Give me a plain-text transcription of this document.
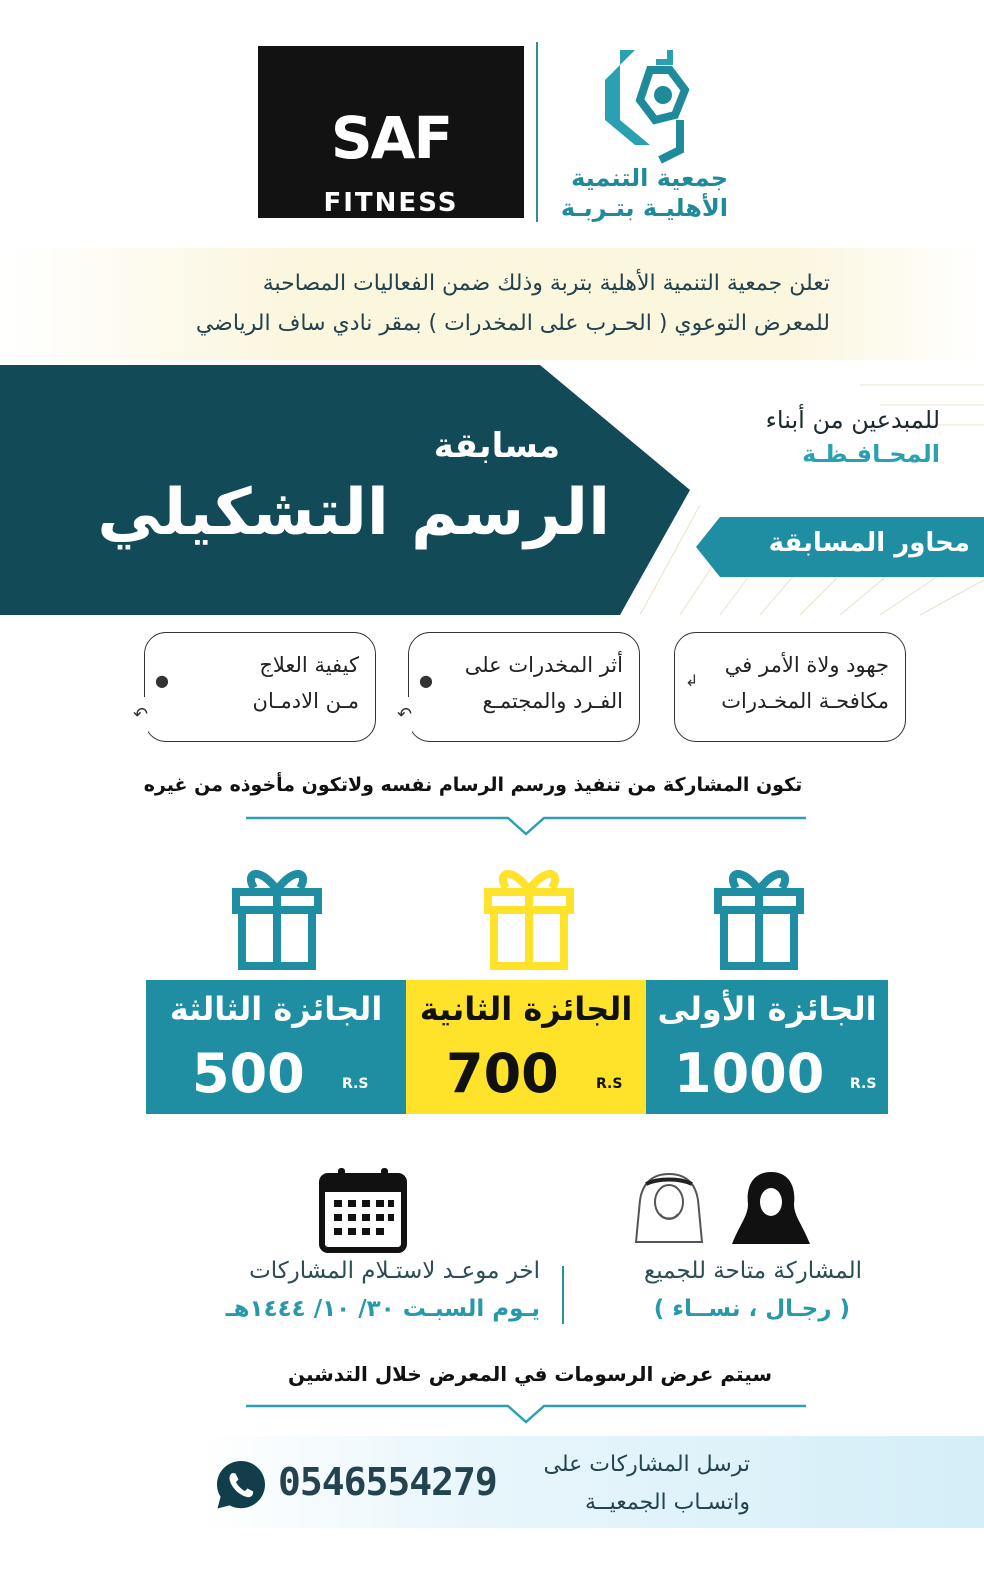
SAF
FITNESS
جمعية التنمية
الأهليـة بتـربـة
تعلن جمعية التنمية الأهلية بتربة وذلك ضمن الفعاليات المصاحبة
للمعرض التوعوي ( الحـرب على المخدرات ) بمقر نادي ساف الرياضي
مسابقة
الرسم التشكيلي
للمبدعين من أبناء
المحـافـظـة
محاور المسابقة
جهود ولاة الأمر في
مكافحـة المخـدرات
↲
أثر المخدرات على
الفـرد والمجتمـع
●
↶
كيفية العلاج
مـن الادمـان
●
↶
تكون المشاركة من تنفيذ ورسم الرسام نفسه ولاتكون مأخوذه من غيره
الجائزة الأولى
1000 R.S
الجائزة الثانية
700	R.S
الجائزة الثالثة
500	R.S
اخر موعـد لاستـلام المشاركات
يـوم السبـت ٣٠/ ١٠/ ١٤٤٤هـ
المشاركة متاحة للجميع
( رجـال ، نســاء )
سيتم عرض الرسومات في المعرض خلال التدشين
ترسل المشاركات على
واتسـاب الجمعيــة
0546554279
